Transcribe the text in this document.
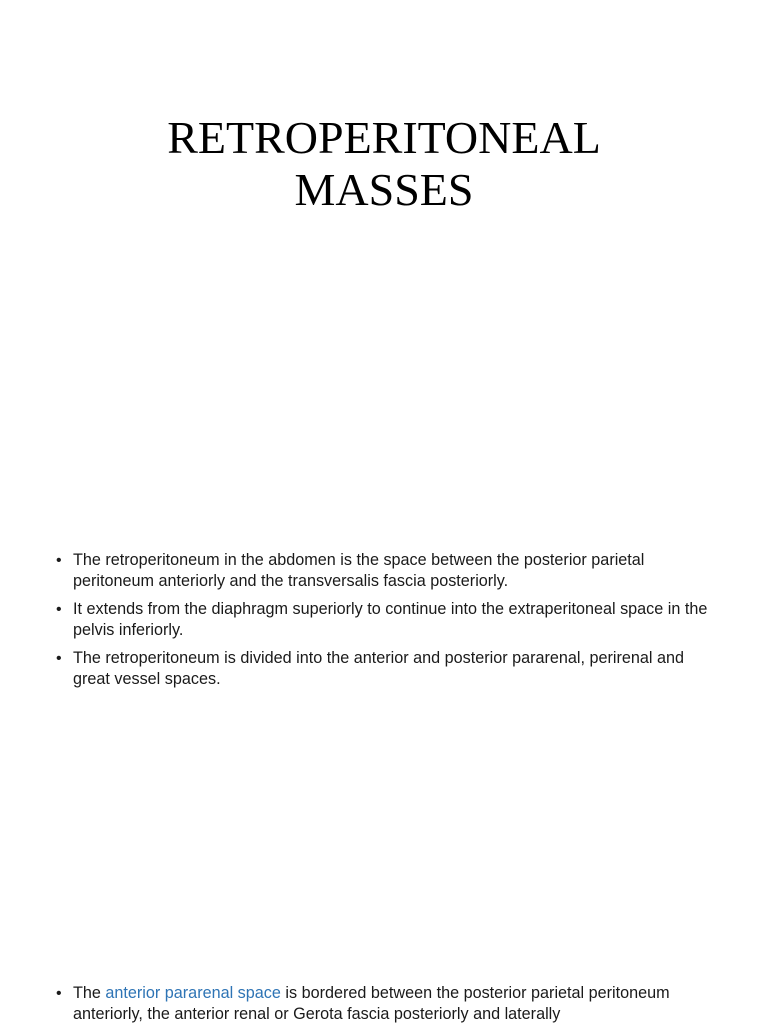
RETROPERITONEAL
MASSES
• The retroperitoneum in the abdomen is the space between the posterior parietal peritoneum anteriorly and the transversalis fascia posteriorly.
• It extends from the diaphragm superiorly to continue into the extraperitoneal space in the pelvis inferiorly.
• The retroperitoneum is divided into the anterior and posterior pararenal, perirenal and great vessel spaces.
• The anterior pararenal space is bordered between the posterior parietal peritoneum anteriorly, the anterior renal or Gerota fascia posteriorly and laterally
